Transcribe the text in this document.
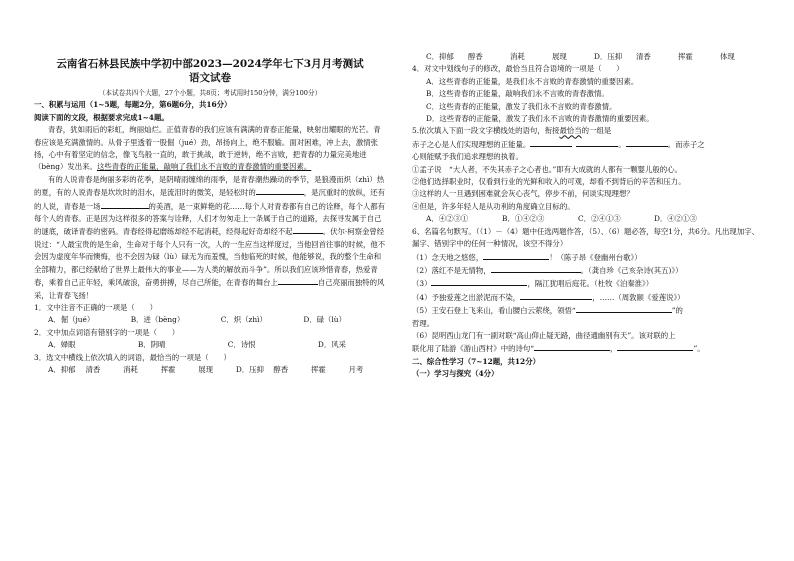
云南省石林县民族中学初中部2023—2024学年七下3月月考测试
语文试卷
（本试卷共四个大题，27个小题，共8页；考试用时150分钟，满分100分）

一、积累与运用（1~5题，每题2分，第6题6分，共16分）

阅读下面的文段，根据要求完成1~4题。

青春，犹如雨后的彩虹，绚丽灿烂。正值青春的我们应该有满满的青春正能量，映射出耀眼的光芒。青春应该是充满激情的。从骨子里透着一股倔（jué）劲，昂扬向上，绝不服输。面对困难，冲上去，激情张扬，心中有着坚定的信念，像飞鸟般一直的，敢于挑战，敢于逆转，绝不言败，把青春的力量完美地迸（bèng）发出来。这些青春的正能量，敲响了我们永不言败的青春激情的重要因素。

有的人说青春是绚丽多彩的花季，是阴晴雨缠绵的雨季，是青春潮热躁动的季节，是狼漫而炽（zhì）热的夏，有的人说青春是坎坎时的泪水，是流泪时的微笑，是轻松时的	，是沉重时的放纵，还有的人说，青春是一场	的美酒，是一束鲜艳的花……每个人对青春都有自己的诠释，每个人都有每个人的青春。正是因为这样很多的答案与诠释，人们才勿匆走上一条属于自己的道路，去探寻发属于自己的谜底，破译青春的密码。青春经得起磨练却经不起消耗，经得起好奇却经不起	。伏尔·柯察金曾经说过：“人最宝贵的是生命，生命对于每个人只有一次，人的一生应当这样度过，当他回首往事的时候，他不会因为虚度年华而懊悔，也不会因为碌（lù）碌无为而羞愧，当他临死的时候，他能够说，我的整个生命和全部精力，都已经献给了世界上最伟大的事业——为人类的解放而斗争”。所以我们应该珍惜青春，热爱青春，乘着自己正年轻，乘风破浪，奋勇拼搏，尽自己所能，在青春的舞台上	自己亮丽而独特的风采，让青春飞扬！

1．文中注音不正确的一项是（　　）

A．倔（jué）	B．迸（bèng）	C．炽（zhì）	D．碌（lù）

2．文中加点词语有错别字的一项是（　　）

A．婦眼	B．阴晴	C．诗恨	D．风采

3．选文中横线上依次填入的词语，最恰当的一项是（　　）

A．抑郁	清香	消耗	挥霍	展现	D．压抑	醇香	挥霍	月考
C．抑郁	醇香	消耗	展现	D．压抑	清香	挥霍	体现

4．对文中划线句子的修改，最恰当且符合语境的一项是（　　）

A．这些青春的正能量，是我们永不言败的青春激情的重要因素。

B．这些青春的正能量，敲响我们永不言败的青春激情。

C．这些青春的正能量，激发了我们永不言败的青春激情。

D．这些青春的正能量，激发了我们永不言败的青春激情的重要因素。

5.依次填入下面一段文字横线处的语句，衔接最恰当的一组是

赤子之心是人们实现理想的正能量。	。	。而赤子之

心则能赋予我们追求理想的执着。

①孟子说　“大人者，不失其赤子之心者也。”即有大成就的人都有一颗婴儿般的心。

②他们选择职业时，仅看到行业的光鲜和收入的可观，却看不到背后的辛苦和压力。

③这样的人一旦遇到困难就会灰心丧气，停步不前，何谈实现理想？

④但是，许多年轻人是从功利的角度确立目标的。

A．④②③①	B．①④②③	C．②④①③	D．④②①③

6、名篇名句默写。（（1）－（4）题中任选两题作答，（5）、（6）题必答，每空1分，共6分。凡出现加字、漏字、错别字中的任何一种情况，该空不得分）

（1）念天地之悠悠，	！（陈子昂《登幽州台歌》）

（2）落红不是无情物，	。（龚自珍《己亥杂诗(其五)》）

（3）	，隔江犹唱后庭花。（杜牧《泊秦淮》）

（4）予独爱莲之出淤泥而不染，	，……（周敦颐《爱莲说》）

（5）王安石登上飞来山，看山腰白云萦绕，领悟“	”的

哲理。

（6）昆明西山龙门有一副对联“高山仰止疑无路，曲径通幽别有天”。该对联的上

联化用了陆游《游山西村》中的诗句“	，	”。

二、综合性学习（7~12题，共12分）

（一）学习与探究（4分）
